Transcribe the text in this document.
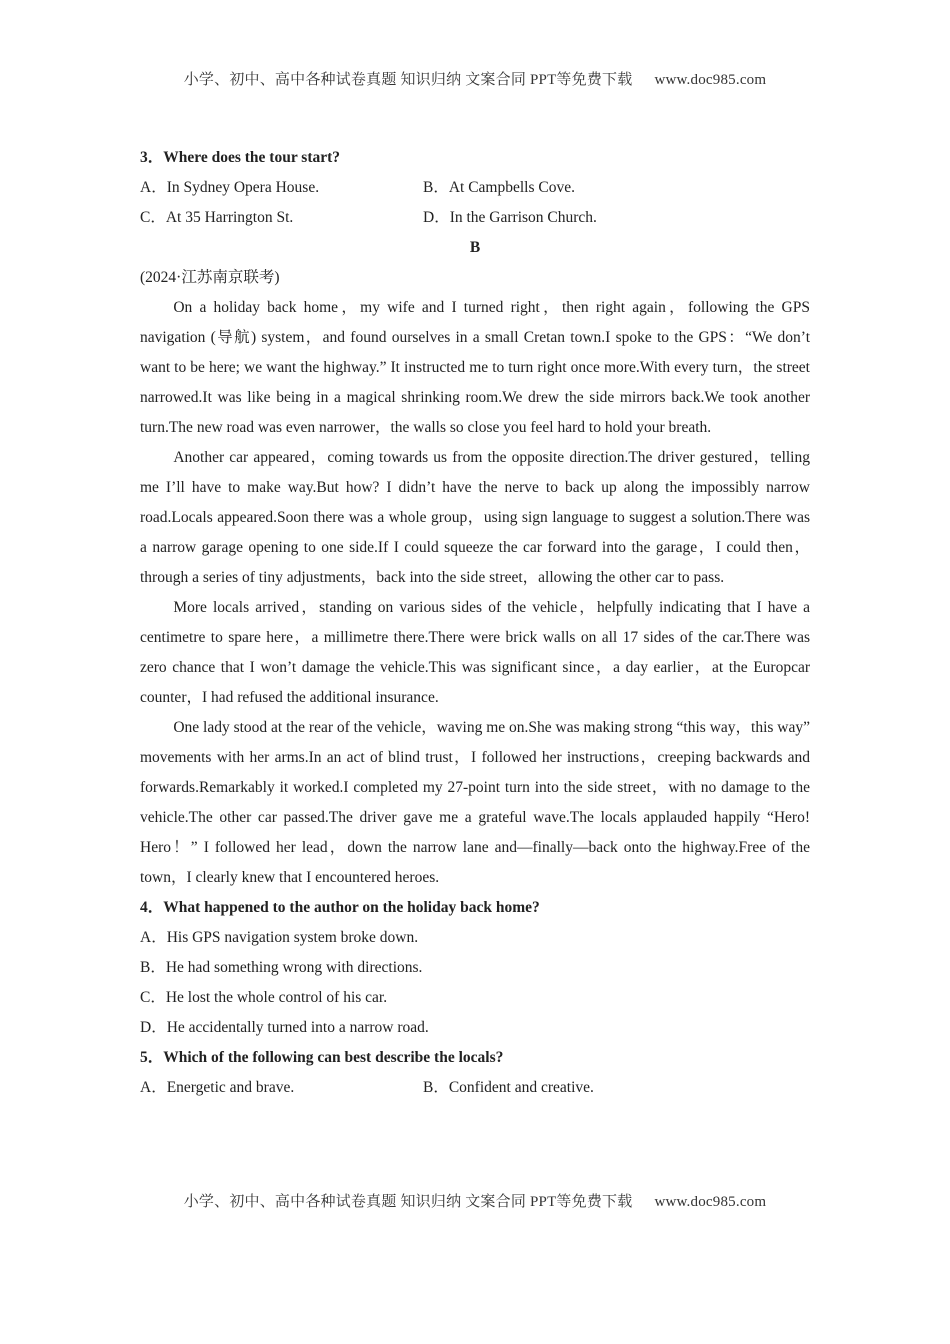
小学、初中、高中各种试卷真题 知识归纳 文案合同 PPT等免费下载 www.doc985.com

3．Where does the tour start?

A．In Sydney Opera House.	B．At Campbells Cove.
C．At 35 Harrington St.	D．In the Garrison Church.

B

(2024·江苏南京联考)

On a holiday back home，my wife and I turned right，then right again，following the GPS navigation (导航) system，and found ourselves in a small Cretan town.I spoke to the GPS：“We don’t want to be here; we want the highway.” It instructed me to turn right once more.With every turn，the street narrowed.It was like being in a magical shrinking room.We drew the side mirrors back.We took another turn.The new road was even narrower，the walls so close you feel hard to hold your breath.

Another car appeared，coming towards us from the opposite direction.The driver gestured，telling me I’ll have to make way.But how? I didn’t have the nerve to back up along the impossibly narrow road.Locals appeared.Soon there was a whole group，using sign language to suggest a solution.There was a narrow garage opening to one side.If I could squeeze the car forward into the garage，I could then，through a series of tiny adjustments，back into the side street，allowing the other car to pass.

More locals arrived，standing on various sides of the vehicle，helpfully indicating that I have a centimetre to spare here，a millimetre there.There were brick walls on all 17 sides of the car.There was zero chance that I won’t damage the vehicle.This was significant since，a day earlier，at the Europcar counter，I had refused the additional insurance.

One lady stood at the rear of the vehicle，waving me on.She was making strong “this way，this way” movements with her arms.In an act of blind trust，I followed her instructions，creeping backwards and forwards.Remarkably it worked.I completed my 27-point turn into the side street，with no damage to the vehicle.The other car passed.The driver gave me a grateful wave.The locals applauded happily “Hero! Hero！” I followed her lead，down the narrow lane and—finally—back onto the highway.Free of the town，I clearly knew that I encountered heroes.

4．What happened to the author on the holiday back home?

A．His GPS navigation system broke down.

B．He had something wrong with directions.

C．He lost the whole control of his car.

D．He accidentally turned into a narrow road.

5．Which of the following can best describe the locals?

A．Energetic and brave.	B．Confident and creative.
小学、初中、高中各种试卷真题 知识归纳 文案合同 PPT等免费下载 www.doc985.com
